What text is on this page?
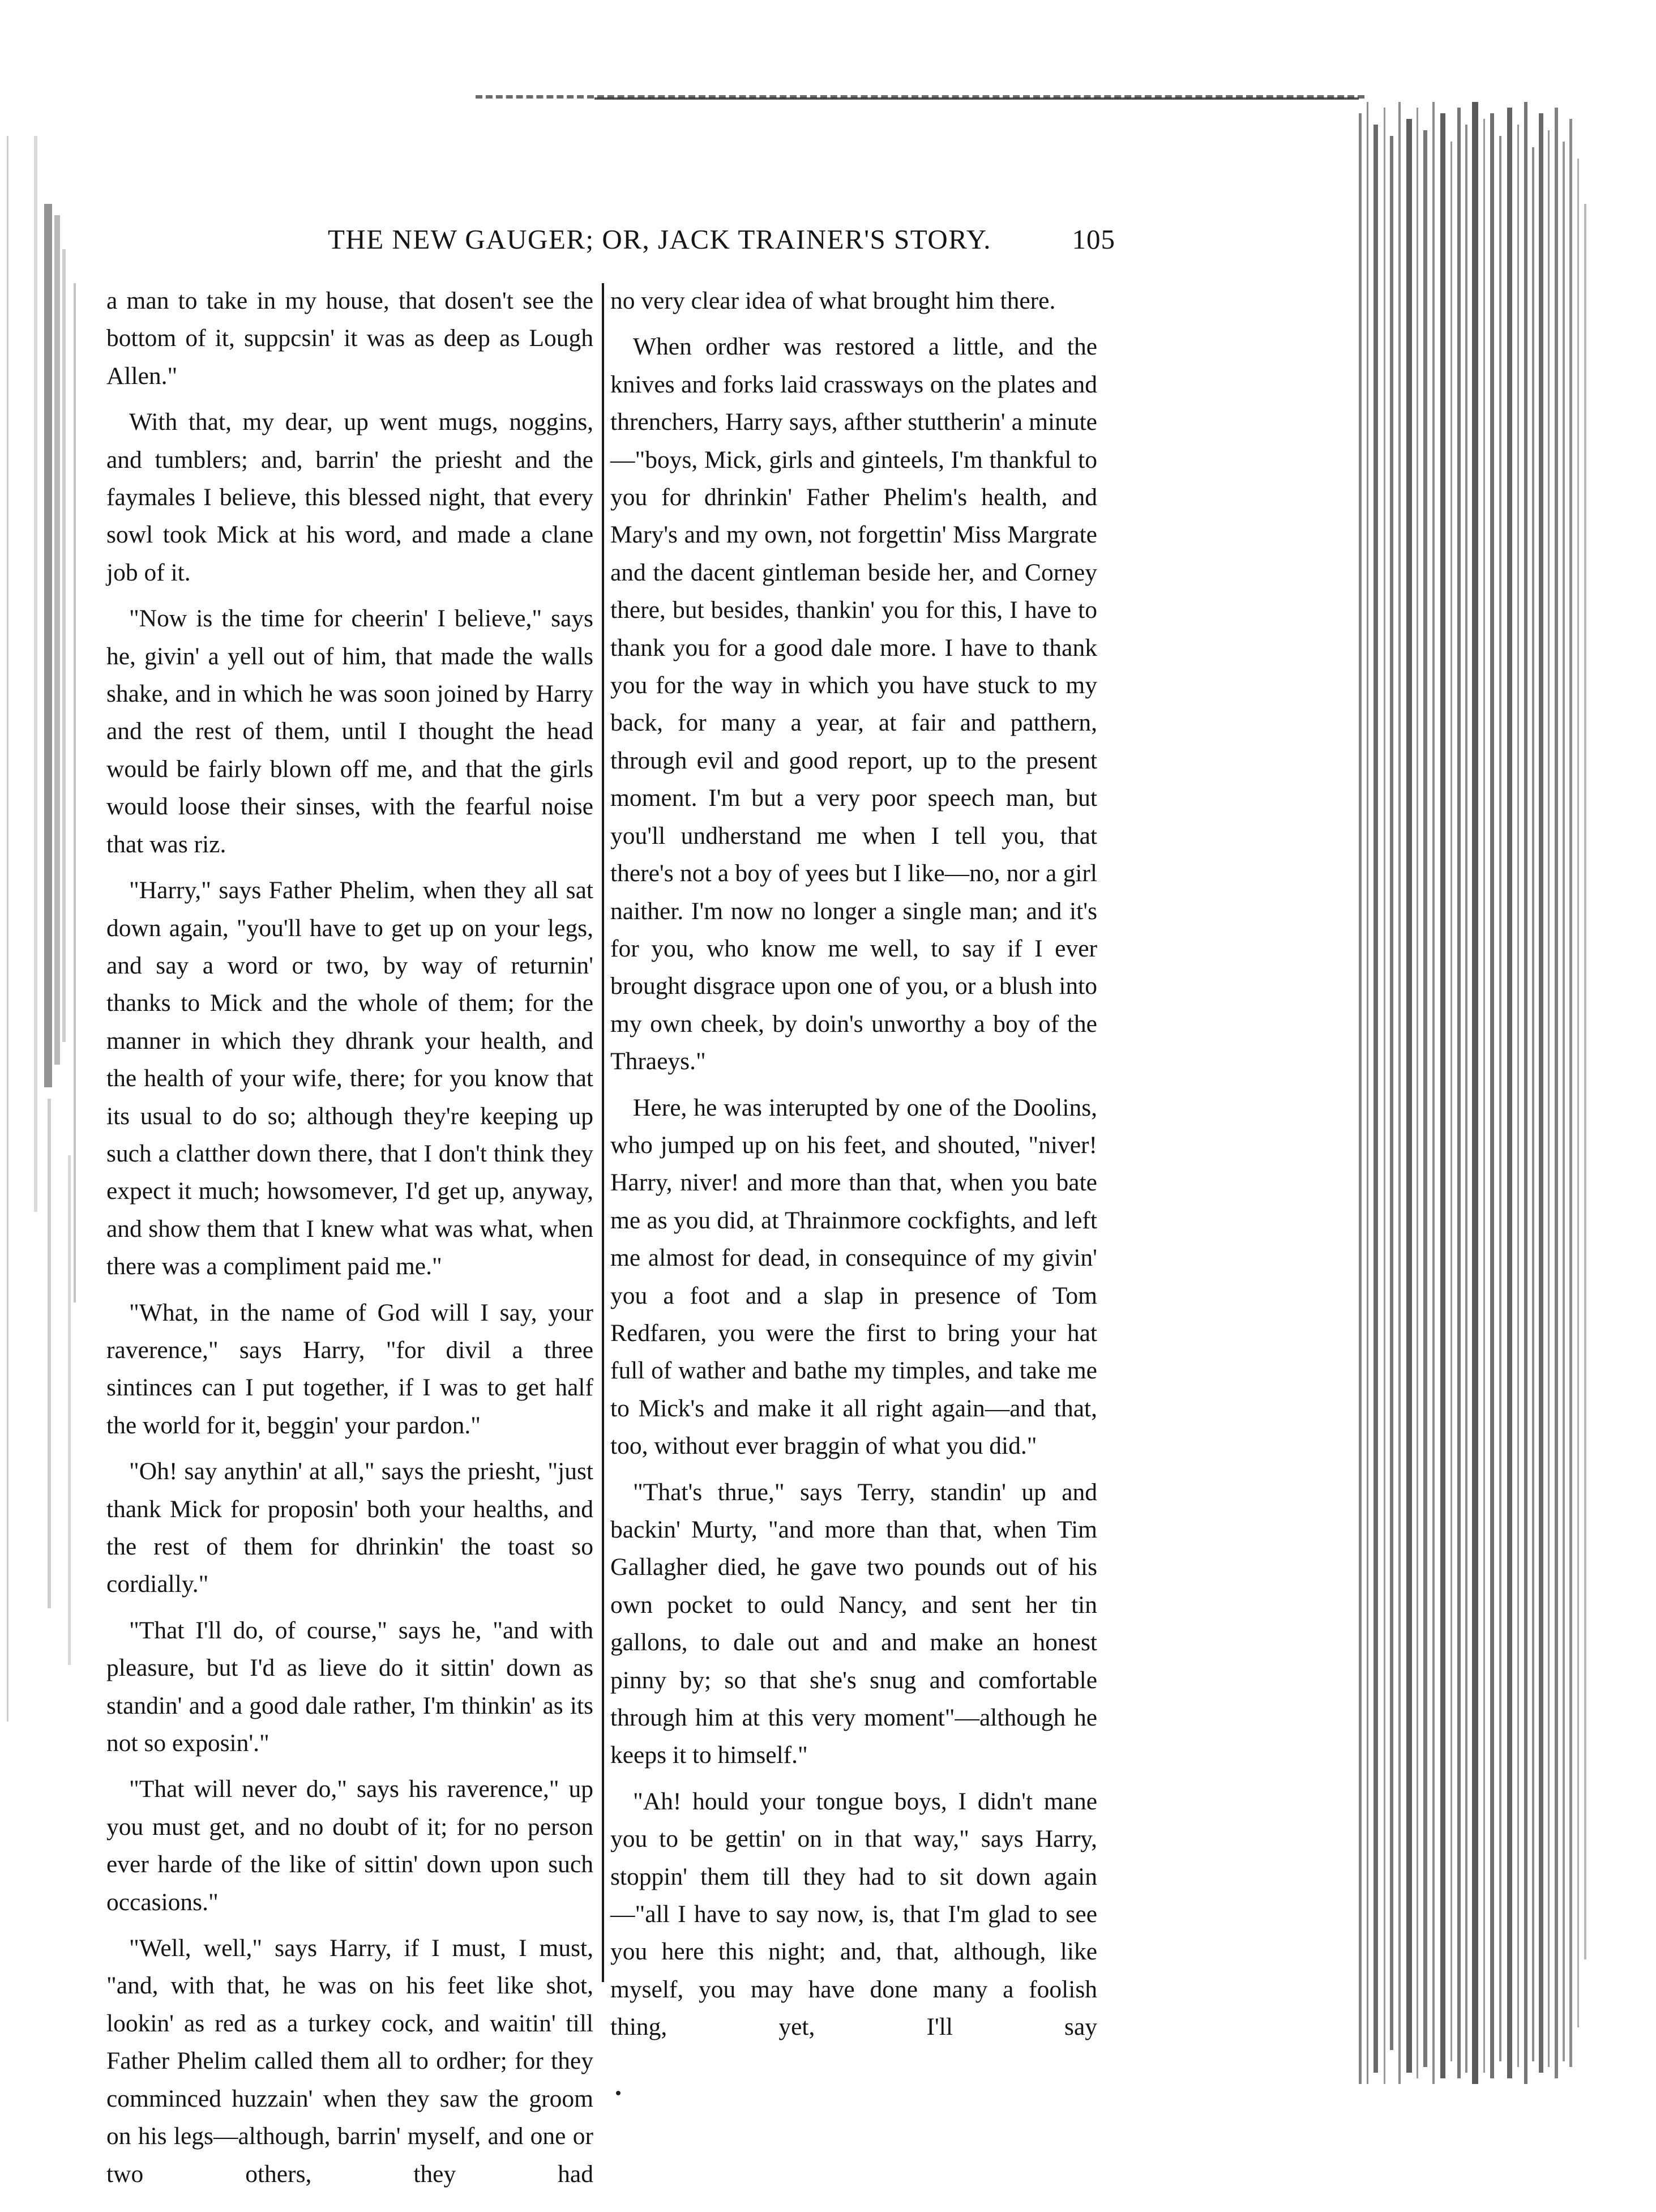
THE NEW GAUGER; OR, JACK TRAINER'S STORY.	105

a man to take in my house, that dosen't see the bottom of it, suppcsin' it was as deep as Lough Allen."

With that, my dear, up went mugs, noggins, and tumblers; and, barrin' the priesht and the faymales I believe, this blessed night, that every sowl took Mick at his word, and made a clane job of it.

"Now is the time for cheerin' I believe," says he, givin' a yell out of him, that made the walls shake, and in which he was soon joined by Harry and the rest of them, until I thought the head would be fairly blown off me, and that the girls would loose their sinses, with the fearful noise that was riz.

"Harry," says Father Phelim, when they all sat down again, "you'll have to get up on your legs, and say a word or two, by way of returnin' thanks to Mick and the whole of them; for the manner in which they dhrank your health, and the health of your wife, there; for you know that its usual to do so; although they're keeping up such a clatther down there, that I don't think they expect it much; howsomever, I'd get up, anyway, and show them that I knew what was what, when there was a compliment paid me."

"What, in the name of God will I say, your raverence," says Harry, "for divil a three sintinces can I put together, if I was to get half the world for it, beggin' your pardon."

"Oh! say anythin' at all," says the priesht, "just thank Mick for proposin' both your healths, and the rest of them for dhrinkin' the toast so cordially."

"That I'll do, of course," says he, "and with pleasure, but I'd as lieve do it sittin' down as standin' and a good dale rather, I'm thinkin' as its not so exposin'."

"That will never do," says his raverence," up you must get, and no doubt of it; for no person ever harde of the like of sittin' down upon such occasions."

"Well, well," says Harry, if I must, I must, "and, with that, he was on his feet like shot, lookin' as red as a turkey cock, and waitin' till Father Phelim called them all to ordher; for they comminced huzzain' when they saw the groom on his legs—although, barrin' myself, and one or two others, they had

no very clear idea of what brought him there.

When ordher was restored a little, and the knives and forks laid crassways on the plates and threnchers, Harry says, afther stuttherin' a minute—"boys, Mick, girls and ginteels, I'm thankful to you for dhrinkin' Father Phelim's health, and Mary's and my own, not forgettin' Miss Margrate and the dacent gintleman beside her, and Corney there, but besides, thankin' you for this, I have to thank you for a good dale more. I have to thank you for the way in which you have stuck to my back, for many a year, at fair and patthern, through evil and good report, up to the present moment. I'm but a very poor speech man, but you'll undherstand me when I tell you, that there's not a boy of yees but I like—no, nor a girl naither. I'm now no longer a single man; and it's for you, who know me well, to say if I ever brought disgrace upon one of you, or a blush into my own cheek, by doin's unworthy a boy of the Thraeys."

Here, he was interupted by one of the Doolins, who jumped up on his feet, and shouted, "niver! Harry, niver! and more than that, when you bate me as you did, at Thrainmore cockfights, and left me almost for dead, in consequince of my givin' you a foot and a slap in presence of Tom Redfaren, you were the first to bring your hat full of wather and bathe my timples, and take me to Mick's and make it all right again—and that, too, without ever braggin of what you did."

"That's thrue," says Terry, standin' up and backin' Murty, "and more than that, when Tim Gallagher died, he gave two pounds out of his own pocket to ould Nancy, and sent her tin gallons, to dale out and and make an honest pinny by; so that she's snug and comfortable through him at this very moment"—although he keeps it to himself."

"Ah! hould your tongue boys, I didn't mane you to be gettin' on in that way," says Harry, stoppin' them till they had to sit down again—"all I have to say now, is, that I'm glad to see you here this night; and, that, although, like myself, you may have done many a foolish thing, yet, I'll say
